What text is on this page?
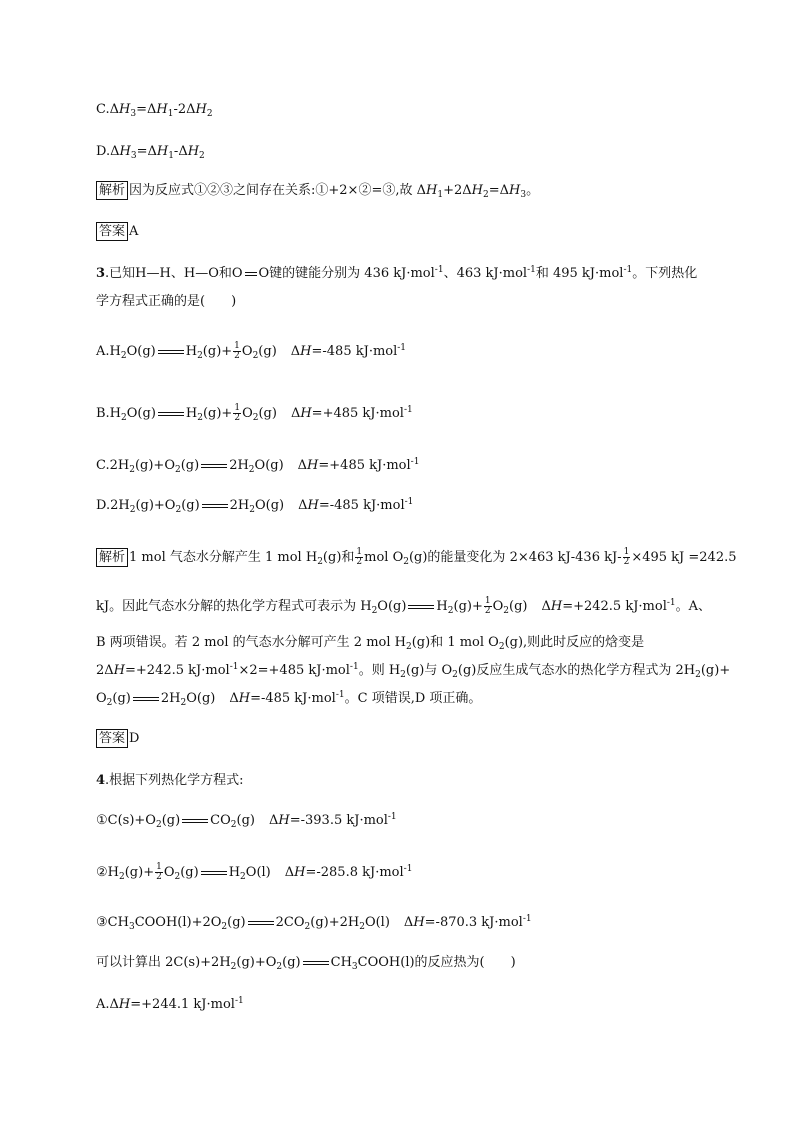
$C.\Delta H_3=\Delta H_1-2\Delta H_2$
$D.\Delta H_3=\Delta H_1-\Delta H_2$
解析 因为反应式①②③之间存在关系:①+2×②=③,故 $\Delta H_1+2\Delta H_2=\Delta H_3$。
答案 A
3.已知H—H、H—O和O O键的键能分别为 436 kJ·mol$^{-1}$、463 kJ·mol$^{-1}$和 495 kJ·mol$^{-1}$。下列热化
学方程式正确的是(　　)
$A.H_2O(g)$ $H_2(g)+ \frac{1}{2} O_2(g)$ ΔH=-485 kJ·mol$^{-1}$
$B.H_2O(g)$ $H_2(g)+ \frac{1}{2} O_2(g)$ ΔH=+485 kJ·mol$^{-1}$
$C.2H_2(g)+O_2(g)$ $2H_2O(g)$ ΔH=+485 kJ·mol$^{-1}$
$D.2H_2(g)+O_2(g)$ $2H_2O(g)$ ΔH=-485 kJ·mol$^{-1}$
解析 1 mol 气态水分解产生 1 mol $H_2(g)$和 $\frac{1}{2}$ mol $O_2(g)$的能量变化为 2×463 kJ-436 $kJ- \frac{1}{2} \times 495$ kJ =242.5
kJ。因此气态水分解的热化学方程式可表示为 $H_2O(g)$ $H_2(g)+ \frac{1}{2} O_2(g)$ ΔH=+242.5 kJ·mol$^{-1}$。A、
B 两项错误。若 2 mol 的气态水分解可产生 2 mol $H_2(g)$和 1 mol $O_2(g)$,则此时反应的焓变是
2ΔH=+242.5 kJ·mol$^{-1}$×2=+485 kJ·mol$^{-1}$。则 $H_2(g)$与 $O_2(g)$反应生成气态水的热化学方程式为 $2H_2(g)+$
$O_2(g)$ $2H_2O(g)$ ΔH=-485 kJ·mol$^{-1}$。C 项错误,D 项正确。
答案 D
4.根据下列热化学方程式:
$①C(s)+O_2(g)$ $CO_2(g)$ ΔH=-393.5 kJ·mol$^{-1}$
$②H_2(g)+ \frac{1}{2} O_2(g)$ $H_2O(l)$ ΔH=-285.8 kJ·mol$^{-1}$
$③CH_3COOH(l)+2O_2(g)$ $2CO_2(g)+2H_2O(l)$ ΔH=-870.3 kJ·mol$^{-1}$
可以计算出 $2C(s)+2H_2(g)+O_2(g)$ $CH_3COOH(l)$的反应热为(　　)
A.ΔH=+244.1 kJ·mol$^{-1}$
